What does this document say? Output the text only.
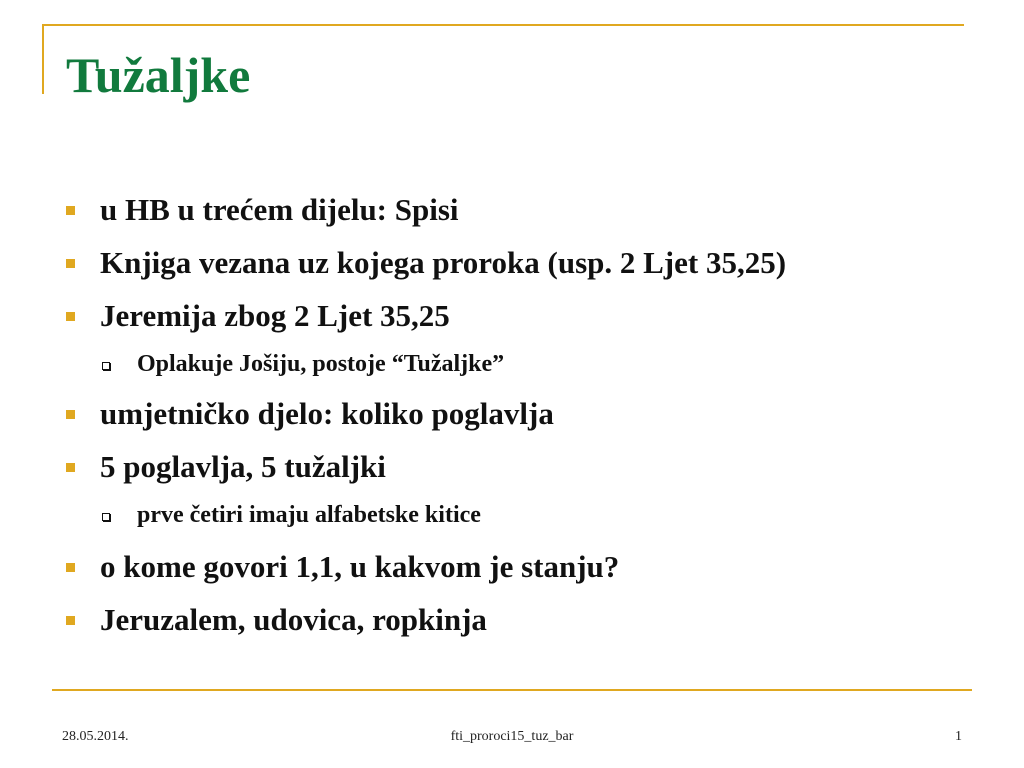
Tužaljke
u HB u trećem dijelu: Spisi
Knjiga vezana uz kojega proroka (usp. 2 Ljet 35,25)
Jeremija zbog 2 Ljet 35,25
Oplakuje Jošiju, postoje “Tužaljke”
umjetničko djelo: koliko poglavlja
5 poglavlja, 5 tužaljki
prve četiri imaju alfabetske kitice
o kome govori 1,1, u kakvom je stanju?
Jeruzalem, udovica, ropkinja
28.05.2014.	fti_proroci15_tuz_bar	1
